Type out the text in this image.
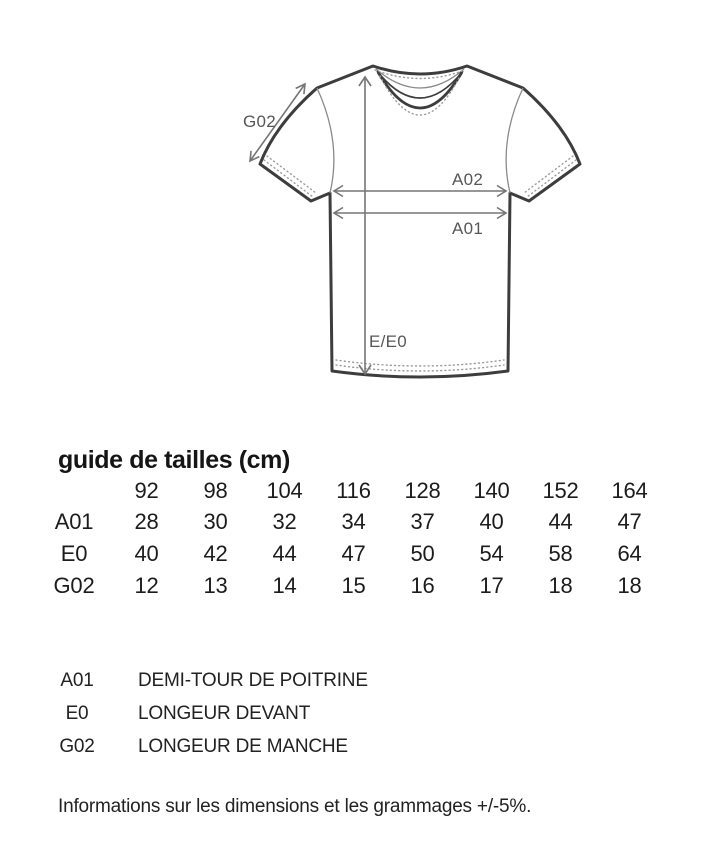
G02
A02
A01
E/E0
guide de tailles (cm)
	92	98	104	116	128	140	152	164
A01	28	30	32	34	37	40	44	47
E0	40	42	44	47	50	54	58	64
G02	12	13	14	15	16	17	18	18
A01	DEMI-TOUR DE POITRINE
E0	LONGEUR DEVANT
G02	LONGEUR DE MANCHE
Informations sur les dimensions et les grammages +/-5%.
